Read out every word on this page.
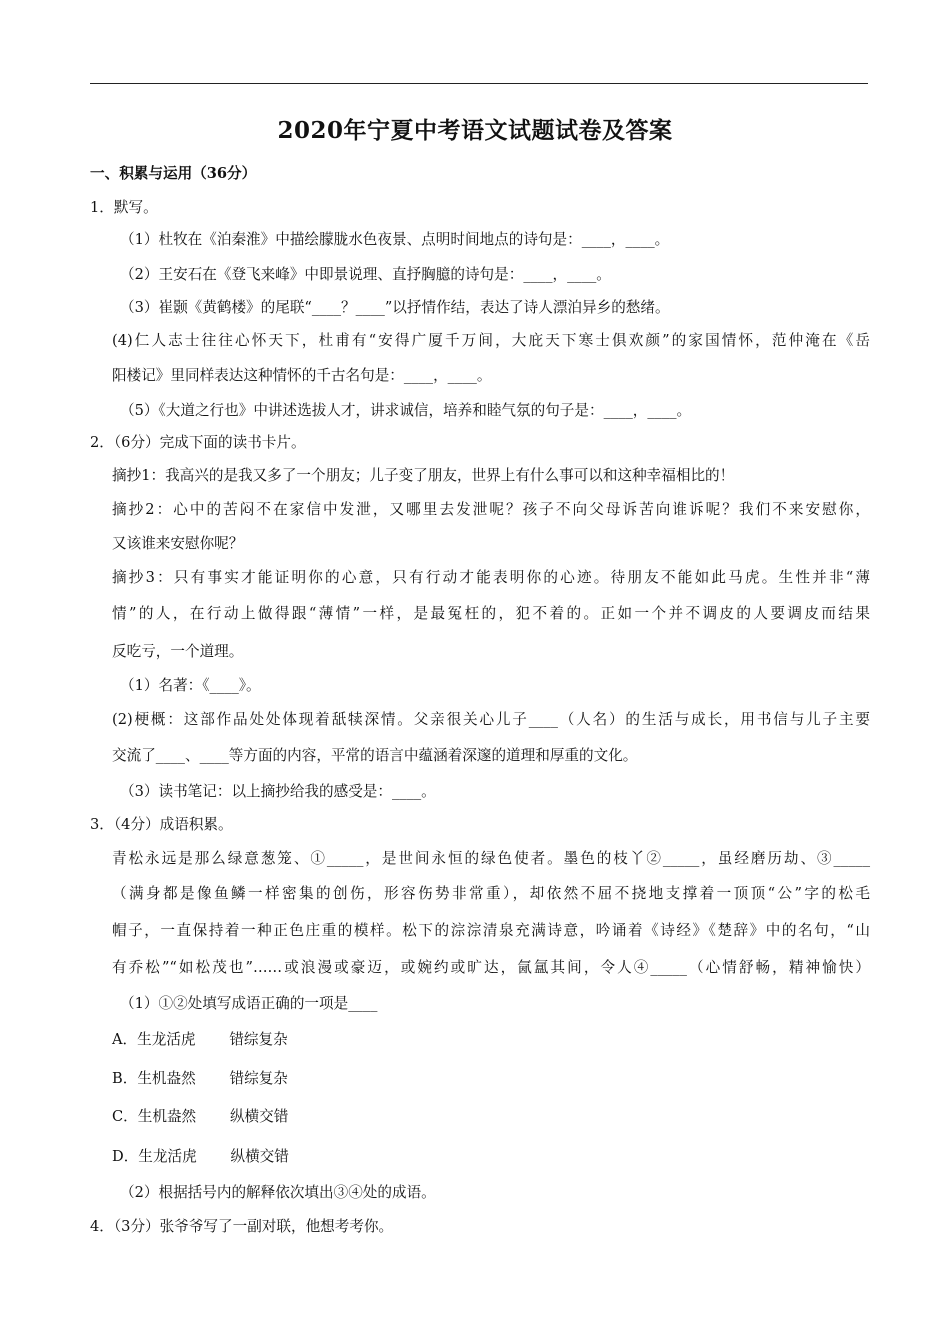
2020年宁夏中考语文试题试卷及答案
一、积累与运用（36分）
1．默写。
（1）杜牧在《泊秦淮》中描绘朦胧水色夜景、点明时间地点的诗句是：____，____。
（2）王安石在《登飞来峰》中即景说理、直抒胸臆的诗句是：____，____。
（3）崔颢《黄鹤楼》的尾联“____？____”以抒情作结，表达了诗人漂泊异乡的愁绪。
(4)仁人志士往往心怀天下，杜甫有“安得广厦千万间，大庇天下寒士俱欢颜”的家国情怀，范仲淹在《岳
阳楼记》里同样表达这种情怀的千古名句是：____，____。
（5）《大道之行也》中讲述选拔人才，讲求诚信，培养和睦气氛的句子是：____，____。
2．（6分）完成下面的读书卡片。
摘抄1：我高兴的是我又多了一个朋友；儿子变了朋友，世界上有什么事可以和这种幸福相比的！
摘抄2：心中的苦闷不在家信中发泄，又哪里去发泄呢？孩子不向父母诉苦向谁诉呢？我们不来安慰你，
又该谁来安慰你呢？
摘抄3：只有事实才能证明你的心意，只有行动才能表明你的心迹。待朋友不能如此马虎。生性并非“薄
情”的人，在行动上做得跟“薄情”一样，是最冤枉的，犯不着的。正如一个并不调皮的人要调皮而结果
反吃亏，一个道理。
（1）名著：《____》。
(2)梗概：这部作品处处体现着舐犊深情。父亲很关心儿子____（人名）的生活与成长，用书信与儿子主要
交流了____、____等方面的内容，平常的语言中蕴涵着深邃的道理和厚重的文化。
（3）读书笔记：以上摘抄给我的感受是：____。
3．（4分）成语积累。
青松永远是那么绿意葱笼、①_____，是世间永恒的绿色使者。墨色的枝丫②_____，虽经磨历劫、③_____
（满身都是像鱼鳞一样密集的创伤，形容伤势非常重），却依然不屈不挠地支撑着一顶顶“公”字的松毛
帽子，一直保持着一种正色庄重的模样。松下的淙淙清泉充满诗意，吟诵着《诗经》《楚辞》中的名句，“山
有乔松”“如松茂也”……或浪漫或豪迈，或婉约或旷达，氤氲其间，令人④_____（心情舒畅，精神愉快）
（1）①②处填写成语正确的一项是____
A．生龙活虎　　 错综复杂
B．生机盎然　　 错综复杂
C．生机盎然　　 纵横交错
D．生龙活虎　　 纵横交错
（2）根据括号内的解释依次填出③④处的成语。
4．（3分）张爷爷写了一副对联，他想考考你。
